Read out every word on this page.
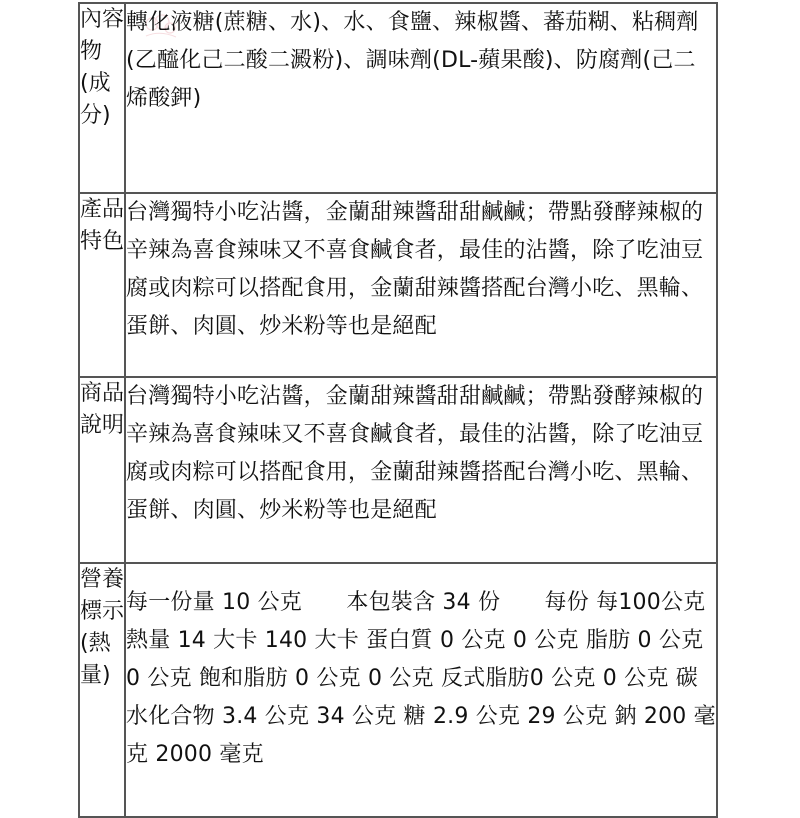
內容物(成分)	轉化液糖(蔗糖、水)、水、食鹽、辣椒醬、蕃茄糊、粘稠劑(乙醯化己二酸二澱粉)、調味劑(DL-蘋果酸)、防腐劑(己二烯酸鉀)

產品特色	台灣獨特小吃沾醬，金蘭甜辣醬甜甜鹹鹹；帶點發酵辣椒的辛辣為喜食辣味又不喜食鹹食者，最佳的沾醬，除了吃油豆腐或肉粽可以搭配食用，金蘭甜辣醬搭配台灣小吃、黑輪、蛋餅、肉圓、炒米粉等也是絕配

商品說明	台灣獨特小吃沾醬，金蘭甜辣醬甜甜鹹鹹；帶點發酵辣椒的辛辣為喜食辣味又不喜食鹹食者，最佳的沾醬，除了吃油豆腐或肉粽可以搭配食用，金蘭甜辣醬搭配台灣小吃、黑輪、蛋餅、肉圓、炒米粉等也是絕配

營養標示(熱量)	每一份量 10 公克　　本包裝含 34 份　　每份 每100公克 熱量 14 大卡 140 大卡 蛋白質 0 公克 0 公克 脂肪 0 公克 0 公克 飽和脂肪 0 公克 0 公克 反式脂肪0 公克 0 公克 碳水化合物 3.4 公克 34 公克 糖 2.9 公克 29 公克 鈉 200 毫克 2000 毫克
